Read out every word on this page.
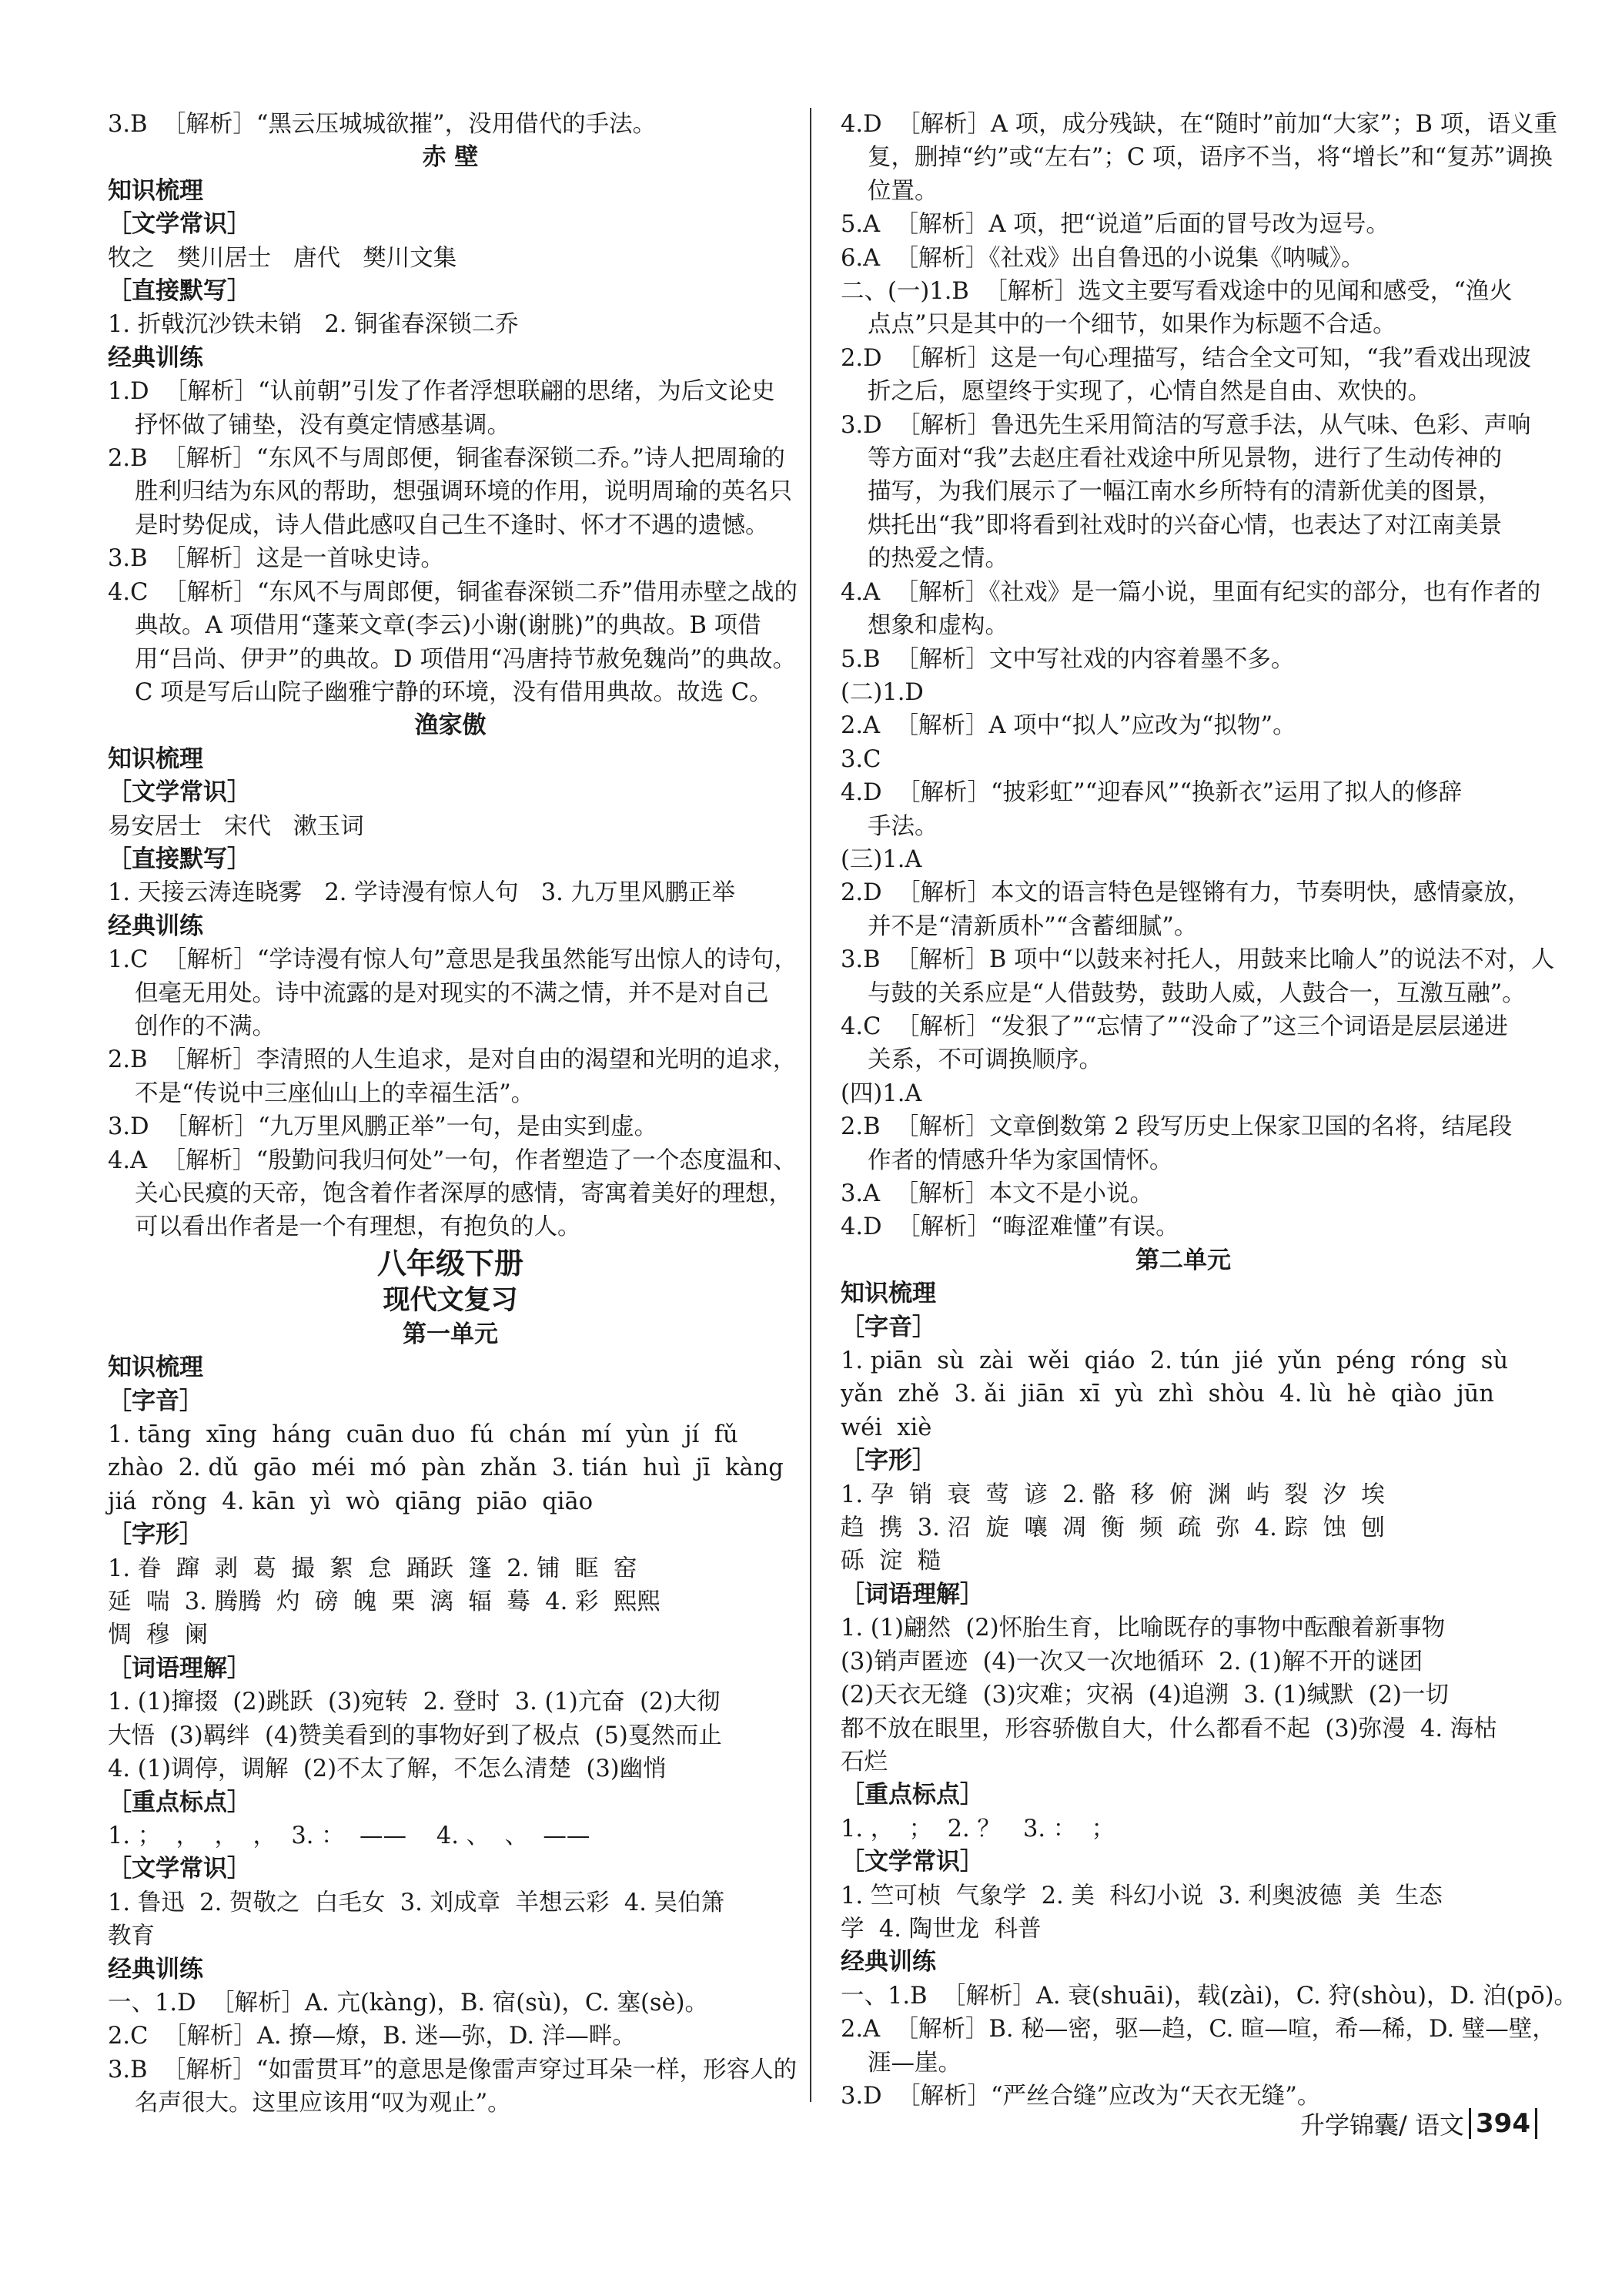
3.B  ［解析］“黑云压城城欲摧”，没用借代的手法。
赤 壁
知识梳理
［文学常识］
牧之   樊川居士   唐代   樊川文集
［直接默写］
1. 折戟沉沙铁未销   2. 铜雀春深锁二乔
经典训练
1.D  ［解析］“认前朝”引发了作者浮想联翩的思绪，为后文论史
抒怀做了铺垫，没有奠定情感基调。
2.B  ［解析］“东风不与周郎便，铜雀春深锁二乔。”诗人把周瑜的
胜利归结为东风的帮助，想强调环境的作用，说明周瑜的英名只
是时势促成，诗人借此感叹自己生不逢时、怀才不遇的遗憾。
3.B  ［解析］这是一首咏史诗。
4.C  ［解析］“东风不与周郎便，铜雀春深锁二乔”借用赤壁之战的
典故。A 项借用“蓬莱文章(李云)小谢(谢朓)”的典故。B 项借
用“吕尚、伊尹”的典故。D 项借用“冯唐持节赦免魏尚”的典故。
C 项是写后山院子幽雅宁静的环境，没有借用典故。故选 C。
渔家傲
知识梳理
［文学常识］
易安居士   宋代   漱玉词
［直接默写］
1. 天接云涛连晓雾   2. 学诗漫有惊人句   3. 九万里风鹏正举
经典训练
1.C  ［解析］“学诗漫有惊人句”意思是我虽然能写出惊人的诗句，
但毫无用处。诗中流露的是对现实的不满之情，并不是对自己
创作的不满。
2.B  ［解析］李清照的人生追求，是对自由的渴望和光明的追求，
不是“传说中三座仙山上的幸福生活”。
3.D  ［解析］“九万里风鹏正举”一句，是由实到虚。
4.A  ［解析］“殷勤问我归何处”一句，作者塑造了一个态度温和、
关心民瘼的天帝，饱含着作者深厚的感情，寄寓着美好的理想，
可以看出作者是一个有理想，有抱负的人。
八年级下册
现代文复习
第一单元
知识梳理
［字音］
1. tāng  xīng  háng  cuān duo  fú  chán  mí  yùn  jí  fǔ
zhào  2. dǔ  gāo  méi  mó  pàn  zhǎn  3. tián  huì  jī  kàng
jiá  rǒng  4. kān  yì  wò  qiāng  piāo  qiāo
［字形］
1. 眷  蹿  剥  葛  撮  絮  怠  踊跃  篷  2. 铺  眶  窑
延  喘  3. 腾腾  灼  磅  魄  栗  漓  辐  蓦  4. 彩  熙熙
惆  穆  阑
［词语理解］
1. (1)撺掇  (2)跳跃  (3)宛转  2. 登时  3. (1)亢奋  (2)大彻
大悟  (3)羁绊  (4)赞美看到的事物好到了极点  (5)戛然而止
4. (1)调停，调解  (2)不太了解，不怎么清楚  (3)幽悄
［重点标点］
1. ；  ，  ，  ，  3. ：  ——    4. 、  、  ——
［文学常识］
1. 鲁迅  2. 贺敬之  白毛女  3. 刘成章  羊想云彩  4. 吴伯箫
教育
经典训练
一、1.D  ［解析］A. 亢(kàng)，B. 宿(sù)，C. 塞(sè)。
2.C  ［解析］A. 撩—燎，B. 迷—弥，D. 洋—畔。
3.B  ［解析］“如雷贯耳”的意思是像雷声穿过耳朵一样，形容人的
名声很大。这里应该用“叹为观止”。
4.D  ［解析］A 项，成分残缺，在“随时”前加“大家”；B 项，语义重
复，删掉“约”或“左右”；C 项，语序不当，将“增长”和“复苏”调换
位置。
5.A  ［解析］A 项，把“说道”后面的冒号改为逗号。
6.A  ［解析］《社戏》出自鲁迅的小说集《呐喊》。
二、(一)1.B  ［解析］选文主要写看戏途中的见闻和感受，“渔火
点点”只是其中的一个细节，如果作为标题不合适。
2.D  ［解析］这是一句心理描写，结合全文可知，“我”看戏出现波
折之后，愿望终于实现了，心情自然是自由、欢快的。
3.D  ［解析］鲁迅先生采用简洁的写意手法，从气味、色彩、声响
等方面对“我”去赵庄看社戏途中所见景物，进行了生动传神的
描写，为我们展示了一幅江南水乡所特有的清新优美的图景，
烘托出“我”即将看到社戏时的兴奋心情，也表达了对江南美景
的热爱之情。
4.A  ［解析］《社戏》是一篇小说，里面有纪实的部分，也有作者的
想象和虚构。
5.B  ［解析］文中写社戏的内容着墨不多。
(二)1.D
2.A  ［解析］A 项中“拟人”应改为“拟物”。
3.C
4.D  ［解析］“披彩虹”“迎春风”“换新衣”运用了拟人的修辞
手法。
(三)1.A
2.D  ［解析］本文的语言特色是铿锵有力，节奏明快，感情豪放，
并不是“清新质朴”“含蓄细腻”。
3.B  ［解析］B 项中“以鼓来衬托人，用鼓来比喻人”的说法不对，人
与鼓的关系应是“人借鼓势，鼓助人威，人鼓合一，互激互融”。
4.C  ［解析］“发狠了”“忘情了”“没命了”这三个词语是层层递进
关系，不可调换顺序。
(四)1.A
2.B  ［解析］文章倒数第 2 段写历史上保家卫国的名将，结尾段
作者的情感升华为家国情怀。
3.A  ［解析］本文不是小说。
4.D  ［解析］“晦涩难懂”有误。
第二单元
知识梳理
［字音］
1. piān  sù  zài  wěi  qiáo  2. tún  jié  yǔn  péng  róng  sù
yǎn  zhě  3. ǎi  jiān  xī  yù  zhì  shòu  4. lù  hè  qiào  jūn
wéi  xiè
［字形］
1. 孕  销  衰  莺  谚  2. 骼  移  俯  渊  屿  裂  汐  埃
趋  携  3. 沼  旋  嚷  凋  衡  频  疏  弥  4. 踪  蚀  刨
砾  淀  糙
［词语理解］
1. (1)翩然  (2)怀胎生育，比喻既存的事物中酝酿着新事物
(3)销声匿迹  (4)一次又一次地循环  2. (1)解不开的谜团
(2)天衣无缝  (3)灾难；灾祸  (4)追溯  3. (1)缄默  (2)一切
都不放在眼里，形容骄傲自大，什么都看不起  (3)弥漫  4. 海枯
石烂
［重点标点］
1. ，  ；  2. ？   3. ：  ；
［文学常识］
1. 竺可桢  气象学  2. 美  科幻小说  3. 利奥波德  美  生态
学  4. 陶世龙  科普
经典训练
一、1.B  ［解析］A. 衰(shuāi)，载(zài)，C. 狩(shòu)，D. 泊(pō)。
2.A  ［解析］B. 秘—密，驱—趋，C. 暄—喧，希—稀，D. 璧—壁，
涯—崖。
3.D  ［解析］“严丝合缝”应改为“天衣无缝”。
升学锦囊/ 语文 394
